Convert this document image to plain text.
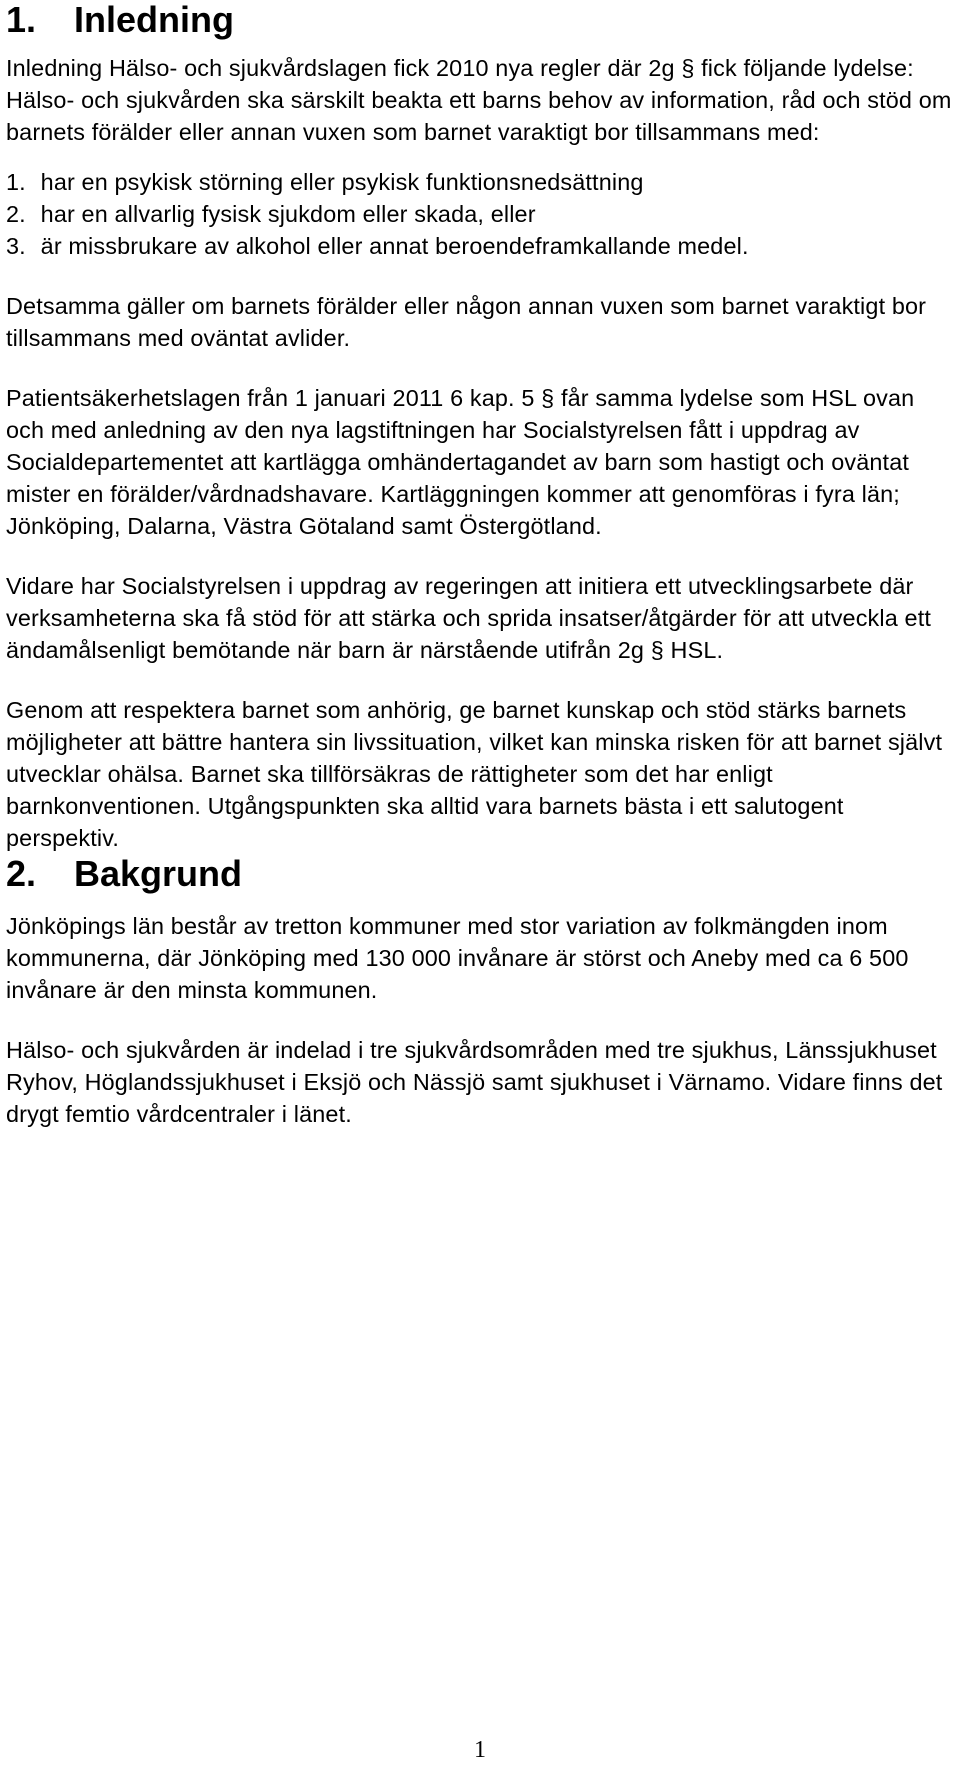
1.	Inledning

Inledning Hälso- och sjukvårdslagen fick 2010 nya regler där 2g § fick följande lydelse: Hälso- och sjukvården ska särskilt beakta ett barns behov av information, råd och stöd om barnets förälder eller annan vuxen som barnet varaktigt bor tillsammans med:

1. har en psykisk störning eller psykisk funktionsnedsättning
2. har en allvarlig fysisk sjukdom eller skada, eller
3. är missbrukare av alkohol eller annat beroendeframkallande medel.

Detsamma gäller om barnets förälder eller någon annan vuxen som barnet varaktigt bor tillsammans med oväntat avlider.

Patientsäkerhetslagen från 1 januari 2011 6 kap. 5 § får samma lydelse som HSL ovan och med anledning av den nya lagstiftningen har Socialstyrelsen fått i uppdrag av Socialdepartementet att kartlägga omhändertagandet av barn som hastigt och oväntat mister en förälder/vårdnadshavare. Kartläggningen kommer att genomföras i fyra län; Jönköping, Dalarna, Västra Götaland samt Östergötland.

Vidare har Socialstyrelsen i uppdrag av regeringen att initiera ett utvecklingsarbete där verksamheterna ska få stöd för att stärka och sprida insatser/åtgärder för att utveckla ett ändamålsenligt bemötande när barn är närstående utifrån 2g § HSL.

Genom att respektera barnet som anhörig, ge barnet kunskap och stöd stärks barnets möjligheter att bättre hantera sin livssituation, vilket kan minska risken för att barnet självt utvecklar ohälsa. Barnet ska tillförsäkras de rättigheter som det har enligt barnkonventionen. Utgångspunkten ska alltid vara barnets bästa i ett salutogent perspektiv.

2.	Bakgrund

Jönköpings län består av tretton kommuner med stor variation av folkmängden inom kommunerna, där Jönköping med 130 000 invånare är störst och Aneby med ca 6 500 invånare är den minsta kommunen.

Hälso- och sjukvården är indelad i tre sjukvårdsområden med tre sjukhus, Länssjukhuset Ryhov, Höglandssjukhuset i Eksjö och Nässjö samt sjukhuset i Värnamo. Vidare finns det drygt femtio vårdcentraler i länet.

1
